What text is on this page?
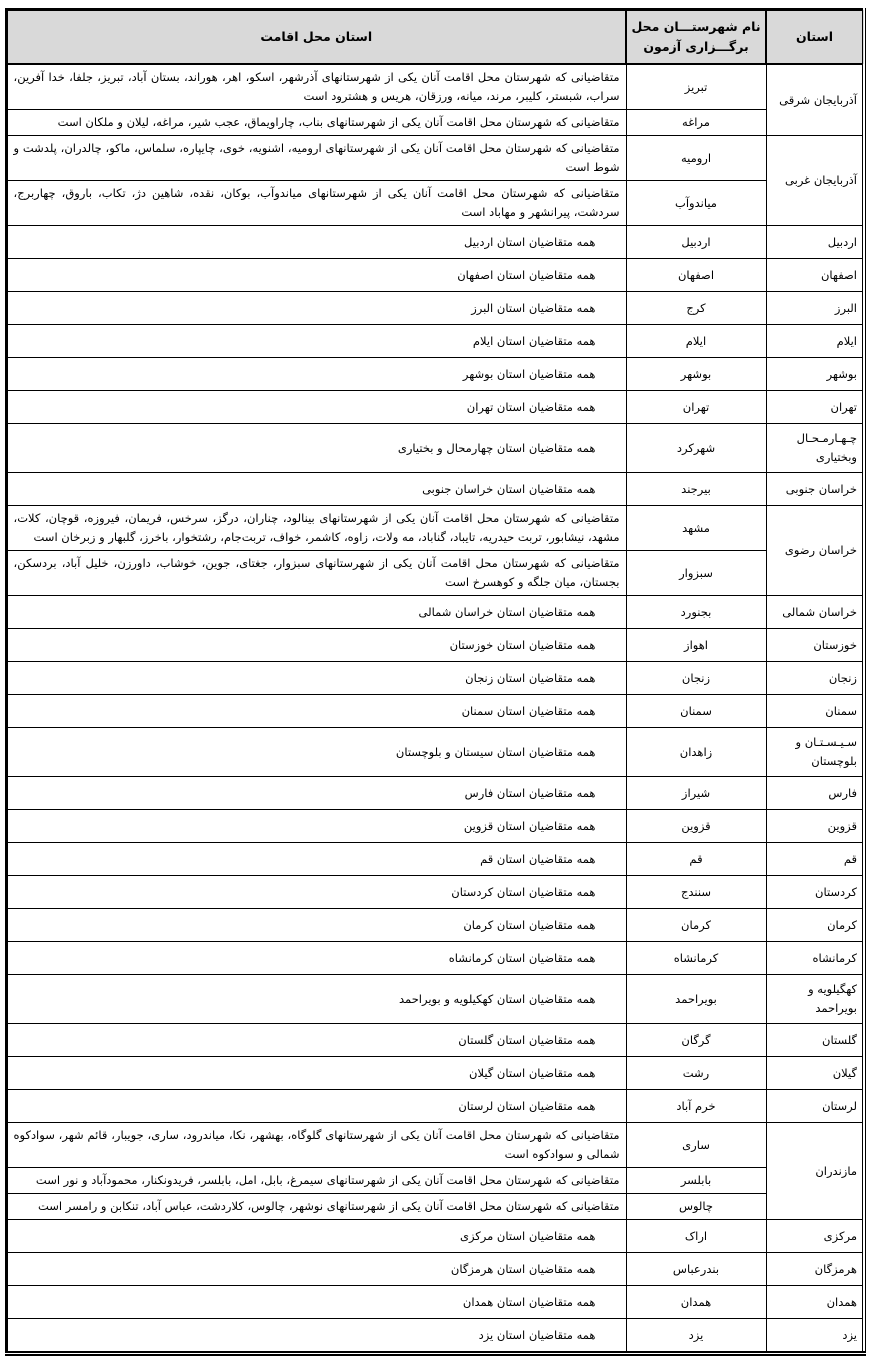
استان	نام شهرستـــان محل برگـــزاری آزمون	استان محل اقامت
آذربایجان شرقی	تبریز	متقاضیانی که شهرستان محل اقامت آنان یکی از شهرستانهای آذرشهر، اسکو، اهر، هوراند، بستان آباد، تبریز، جلفا، خدا آفرین، سراب، شبستر، کلیبر، مرند، میانه، ورزقان، هریس و هشترود است
	مراغه	متقاضیانی که شهرستان محل اقامت آنان یکی از شهرستانهای بناب، چاراویماق، عجب شیر، مراغه، لیلان و ملکان است
آذربایجان غربی	ارومیه	متقاضیانی که شهرستان محل اقامت آنان یکی از شهرستانهای ارومیه، اشنویه، خوی، چایپاره، سلماس، ماکو، چالدران، پلدشت و شوط است
	میاندوآب	متقاضیانی که شهرستان محل اقامت آنان یکی از شهرستانهای میاندوآب، بوکان، نقده، شاهین دژ، تکاب، باروق، چهاربرج، سردشت، پیرانشهر و مهاباد است
اردبیل	اردبیل	همه متقاضیان استان اردبیل
اصفهان	اصفهان	همه متقاضیان استان اصفهان
البرز	کرج	همه متقاضیان استان البرز
ایلام	ایلام	همه متقاضیان استان ایلام
بوشهر	بوشهر	همه متقاضیان استان بوشهر
تهران	تهران	همه متقاضیان استان تهران
چـهـارمـحـال وبختیاری	شهرکرد	همه متقاضیان استان چهارمحال و بختیاری
خراسان جنوبی	بیرجند	همه متقاضیان استان خراسان جنوبی
خراسان رضوی	مشهد	متقاضیانی که شهرستان محل اقامت آنان یکی از شهرستانهای بینالود، چناران، درگز، سرخس، فریمان، فیروزه، قوچان، کلات، مشهد، نیشابور، تربت حیدریه، تایباد، گناباد، مه ولات، زاوه، کاشمر، خواف، تربت‌جام، رشتخوار، باخرز، گلبهار و زبرخان است
	سبزوار	متقاضیانی که شهرستان محل اقامت آنان یکی از شهرستانهای سبزوار، جغتای، جوین، خوشاب، داورزن، خلیل آباد، بردسکن، بجستان، میان جلگه و کوهسرخ است
خراسان شمالی	بجنورد	همه متقاضیان استان خراسان شمالی
خوزستان	اهواز	همه متقاضیان استان خوزستان
زنجان	زنجان	همه متقاضیان استان زنجان
سمنان	سمنان	همه متقاضیان استان سمنان
سـیـسـتـان و بلوچستان	زاهدان	همه متقاضیان استان سیستان و بلوچستان
فارس	شیراز	همه متقاضیان استان فارس
قزوین	قزوین	همه متقاضیان استان قزوین
قم	قم	همه متقاضیان استان قم
کردستان	سنندج	همه متقاضیان استان کردستان
کرمان	کرمان	همه متقاضیان استان کرمان
کرمانشاه	کرمانشاه	همه متقاضیان استان کرمانشاه
کهگیلویه و بویراحمد	بویراحمد	همه متقاضیان استان کهکیلویه و بویراحمد
گلستان	گرگان	همه متقاضیان استان گلستان
گیلان	رشت	همه متقاضیان استان گیلان
لرستان	خرم آباد	همه متقاضیان استان لرستان
مازندران	ساری	متقاضیانی که شهرستان محل اقامت آنان یکی از شهرستانهای گلوگاه، بهشهر، نکا، میاندرود، ساری، جویبار، قائم شهر، سوادکوه شمالی و سوادکوه است
	بابلسر	متقاضیانی که شهرستان محل اقامت آنان یکی از شهرستانهای سیمرغ، بابل، امل، بابلسر، فریدونکنار، محمودآباد و نور است
	چالوس	متقاضیانی که شهرستان محل اقامت آنان یکی از شهرستانهای نوشهر، چالوس، کلاردشت، عباس آباد، تنکابن و رامسر است
مرکزی	اراک	همه متقاضیان استان مرکزی
هرمزگان	بندرعباس	همه متقاضیان استان هرمزگان
همدان	همدان	همه متقاضیان استان همدان
یزد	یزد	همه متقاضیان استان یزد
